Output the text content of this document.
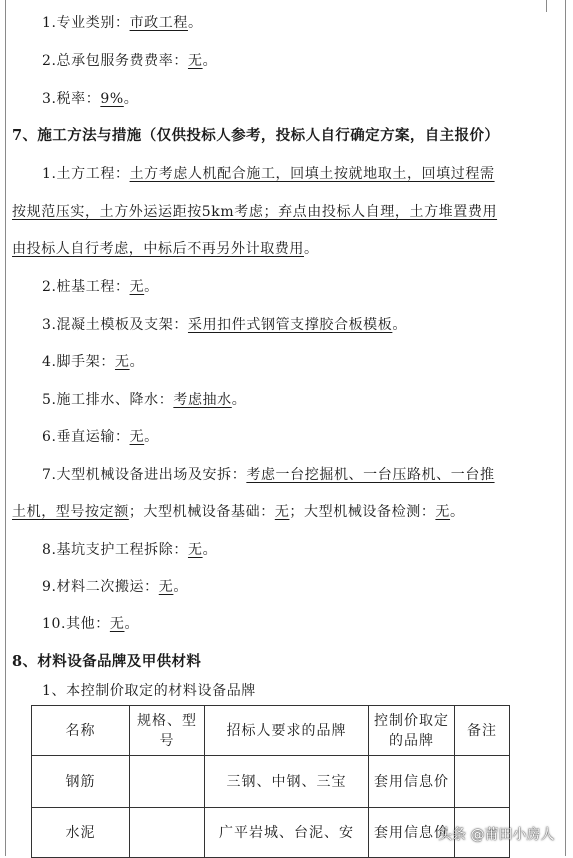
1.专业类别：市政工程。
2.总承包服务费费率：无。
3.税率：9%。
7、施工方法与措施（仅供投标人参考，投标人自行确定方案，自主报价）
1.土方工程：土方考虑人机配合施工，回填土按就地取土，回填过程需
按规范压实，土方外运运距按5km考虑；弃点由投标人自理，土方堆置费用
由投标人自行考虑，中标后不再另外计取费用。
2.桩基工程：无。
3.混凝土模板及支架：采用扣件式钢管支撑胶合板模板。
4.脚手架：无。
5.施工排水、降水：考虑抽水。
6.垂直运输：无。
7.大型机械设备进出场及安拆：考虑一台挖掘机、一台压路机、一台推
土机，型号按定额；大型机械设备基础：无；大型机械设备检测：无。
8.基坑支护工程拆除：无。
9.材料二次搬运：无。
10.其他：无。
8、材料设备品牌及甲供材料
1、本控制价取定的材料设备品牌
名称	规格、型号	招标人要求的品牌	控制价取定的品牌	备注
钢筋		三钢、中钢、三宝	套用信息价	
水泥		广平岩城、台泥、安	套用信息价	
头条 @莆田小房人
